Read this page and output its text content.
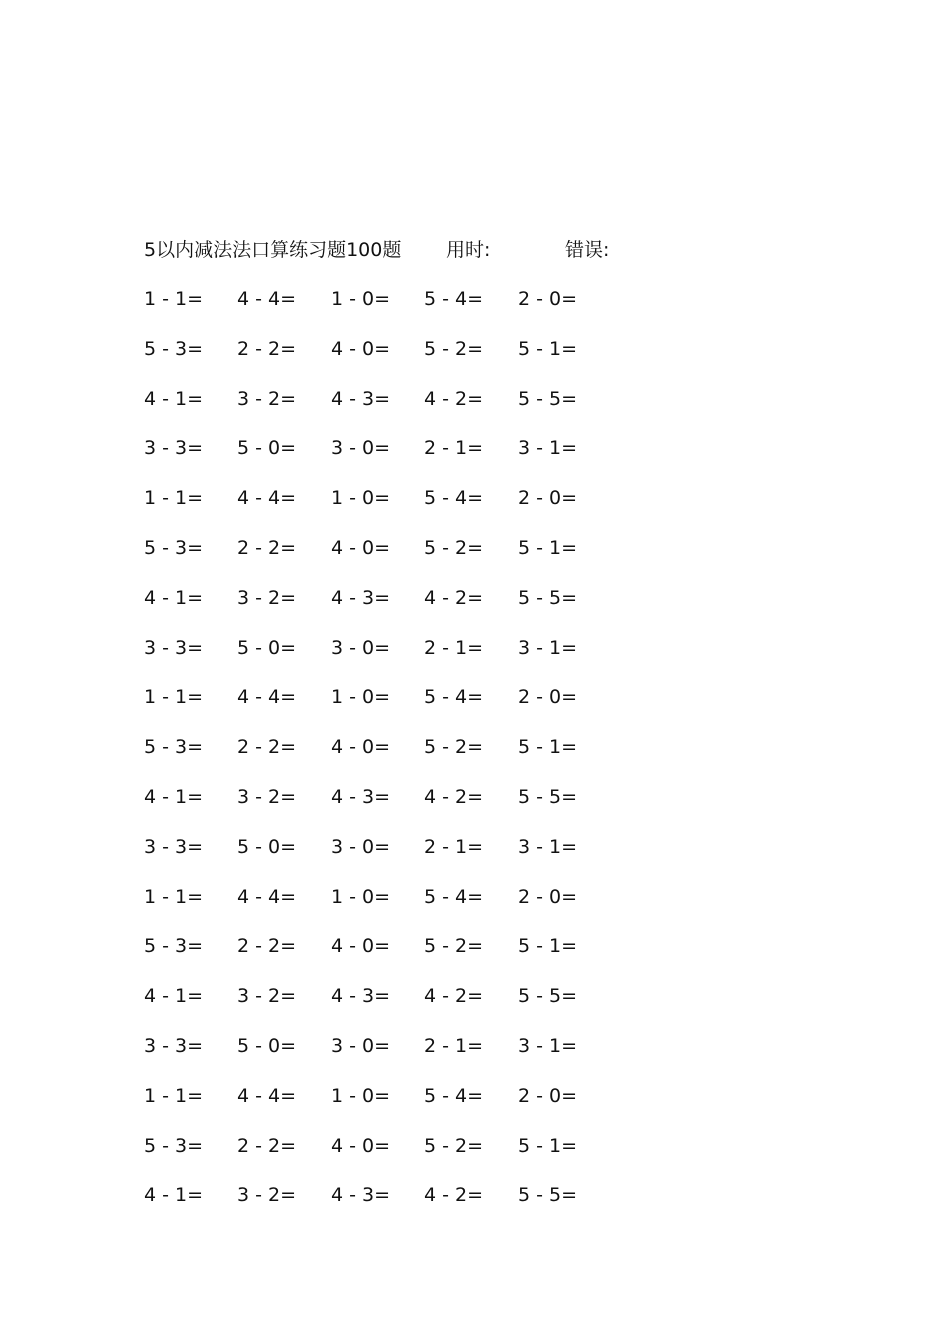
5以内减法法口算练习题100题 用时:	错误:
1 - 1= 4 - 4= 1 - 0= 5 - 4= 2 - 0=
5 - 3= 2 - 2= 4 - 0= 5 - 2= 5 - 1=
4 - 1= 3 - 2= 4 - 3= 4 - 2= 5 - 5=
3 - 3= 5 - 0= 3 - 0= 2 - 1= 3 - 1=
1 - 1= 4 - 4= 1 - 0= 5 - 4= 2 - 0=
5 - 3= 2 - 2= 4 - 0= 5 - 2= 5 - 1=
4 - 1= 3 - 2= 4 - 3= 4 - 2= 5 - 5=
3 - 3= 5 - 0= 3 - 0= 2 - 1= 3 - 1=
1 - 1= 4 - 4= 1 - 0= 5 - 4= 2 - 0=
5 - 3= 2 - 2= 4 - 0= 5 - 2= 5 - 1=
4 - 1= 3 - 2= 4 - 3= 4 - 2= 5 - 5=
3 - 3= 5 - 0= 3 - 0= 2 - 1= 3 - 1=
1 - 1= 4 - 4= 1 - 0= 5 - 4= 2 - 0=
5 - 3= 2 - 2= 4 - 0= 5 - 2= 5 - 1=
4 - 1= 3 - 2= 4 - 3= 4 - 2= 5 - 5=
3 - 3= 5 - 0= 3 - 0= 2 - 1= 3 - 1=
1 - 1= 4 - 4= 1 - 0= 5 - 4= 2 - 0=
5 - 3= 2 - 2= 4 - 0= 5 - 2= 5 - 1=
4 - 1= 3 - 2= 4 - 3= 4 - 2= 5 - 5=
